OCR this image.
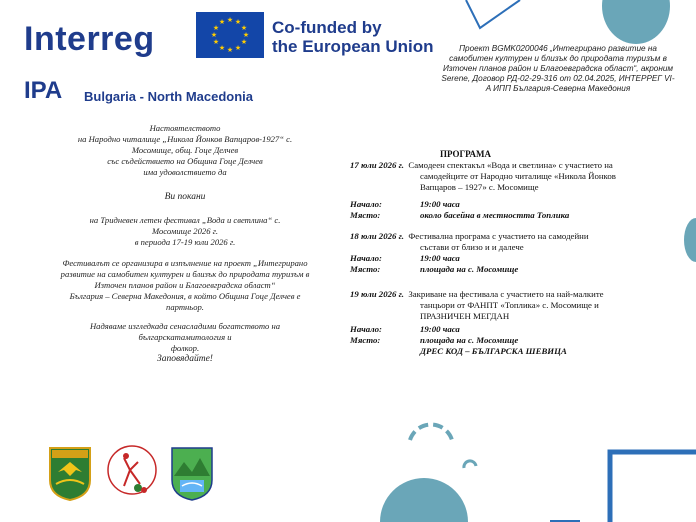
Interreg	★ ★
★
★
★
★
★
★
★
★
★
★	Co-funded by
the European Union
IPA Bulgaria - North Macedonia
Проект BGMK0200046 „Интегрирано развитие на самобитен културен и близък до природата туризъм в Източен планов район и Благоевградска област“, акроним Serene, Договор РД-02-29-316 от 02.04.2025, ИНТЕРРЕГ VI-A ИПП България-Северна Македония
Настоятелството
на Народно читалище „Никола Йонков Вапцаров-1927“ с.
Мосомище, общ. Гоце Делчев
със съдействието на Община Гоце Делчев
има удоволствието да
Ви покани
на Тридневен летен фестивал „Вода и светлина“ с.
Мосомище 2026 г.
в периода 17-19 юли 2026 г.
Фестивалът се организира в изпълнение на проект „Интегрирано
развитие на самобитен културен и близък до природата туризъм в
Източен планов район и Благоевградска област“
България – Северна Македония, в който Община Гоце Делчев е
партньор.
Надяваме изгледкада сенасладими богатството на българскатамитология и
фолкор.
Заповядайте!
ПРОГРАМА
17 юли 2026 г. Самодеен спектакъл «Вода и светлина» с участието на
самодейците от Народно читалище «Никола Йонков
Вапцаров – 1927» с. Мосомище
Начало:	19:00 часа
Място:	около басейна в местността Топлика
18 юли 2026 г. Фестивална програма с участието на самодейни
състави от близо и и далече
Начало:	19:00 часа
Място:	площада на с. Мосомище
19 юли 2026 г. Закриване на фестивала с участието на най-малките
танцьори от ФАНПТ «Топлика» с. Мосомище и
ПРАЗНИЧЕН МЕГДАН
Начало:	19:00 часа
Място:	площада на с. Мосомище
ДРЕС КОД – БЪЛГАРСКА ШЕВИЦА
